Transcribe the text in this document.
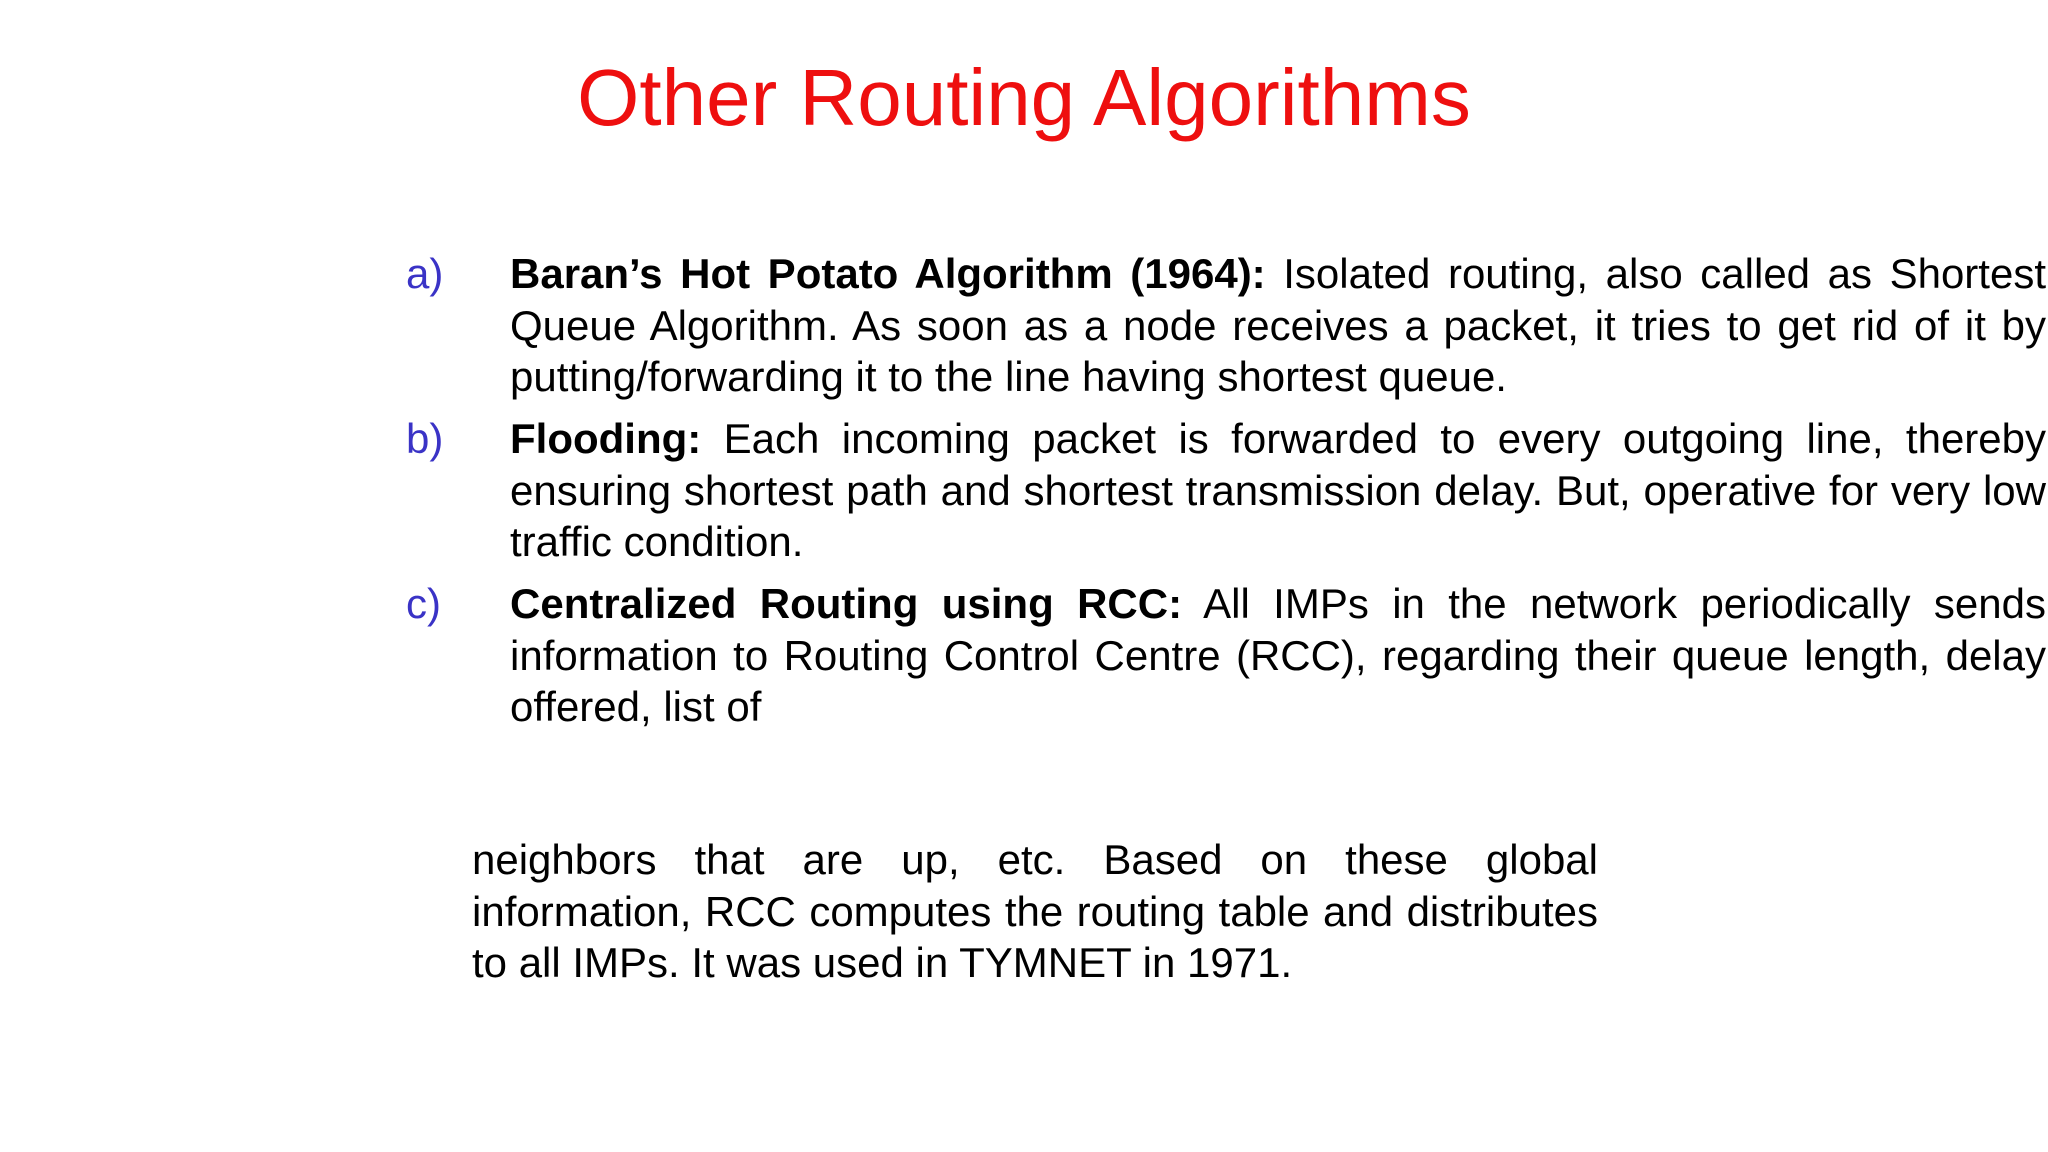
Other Routing Algorithms
a) Baran’s Hot Potato Algorithm (1964): Isolated routing, also called as Shortest Queue Algorithm. As soon as a node receives a packet, it tries to get rid of it by putting/forwarding it to the line having shortest queue.
b) Flooding: Each incoming packet is forwarded to every outgoing line, thereby ensuring shortest path and shortest transmission delay. But, operative for very low traffic condition.
c) Centralized Routing using RCC: All IMPs in the network periodically sends information to Routing Control Centre (RCC), regarding their queue length, delay offered, list of
neighbors that are up, etc. Based on these global information, RCC computes the routing table and distributes to all IMPs. It was used in TYMNET in 1971.
